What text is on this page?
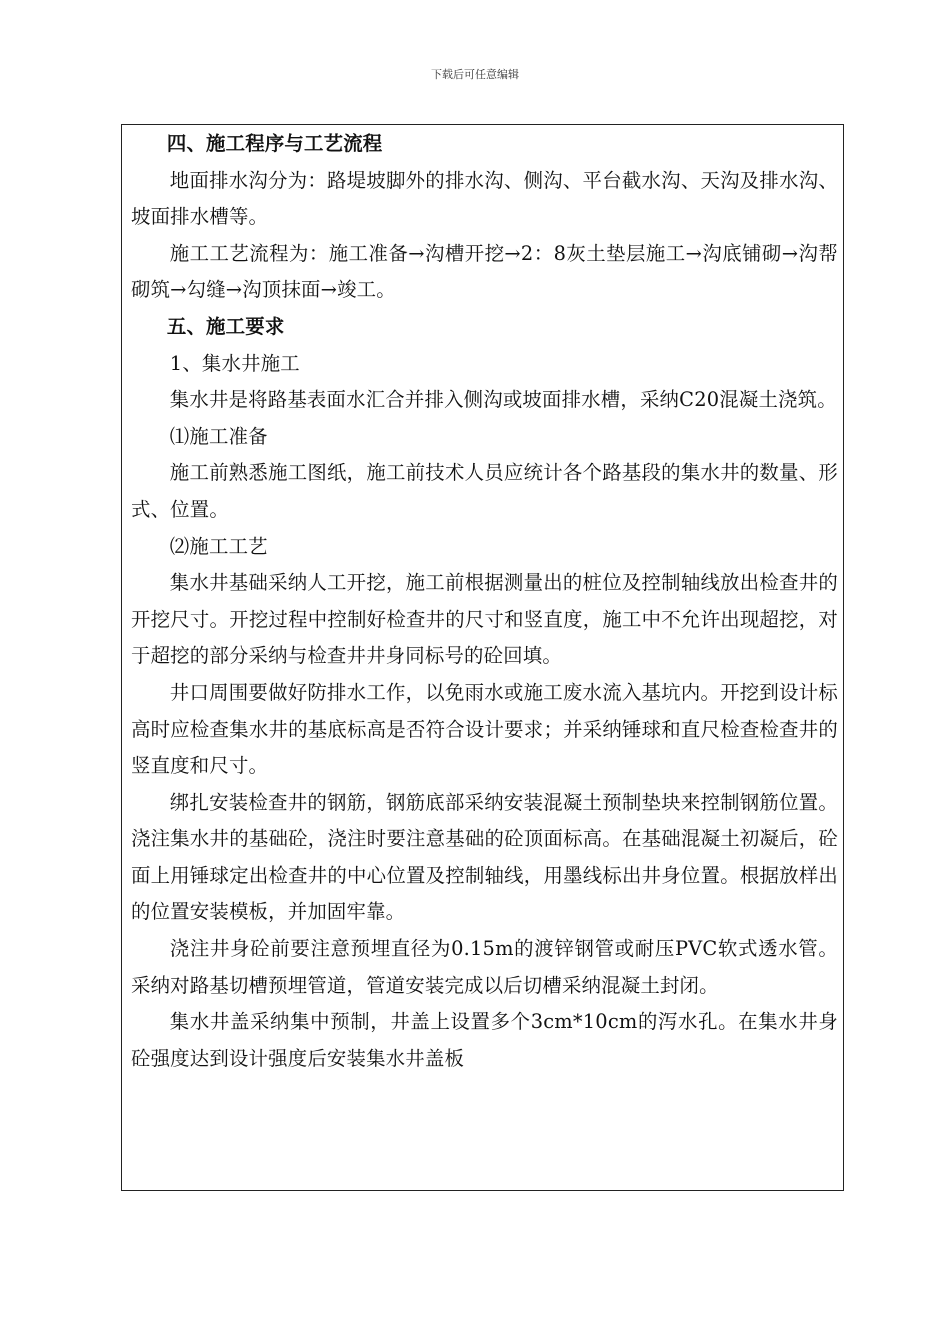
下载后可任意编辑

四、施工程序与工艺流程

地面排水沟分为：路堤坡脚外的排水沟、侧沟、平台截水沟、天沟及排水沟、坡面排水槽等。

施工工艺流程为：施工准备→沟槽开挖→2：8灰土垫层施工→沟底铺砌→沟帮砌筑→勾缝→沟顶抹面→竣工。

五、施工要求

1、集水井施工

集水井是将路基表面水汇合并排入侧沟或坡面排水槽，采纳C20混凝土浇筑。

⑴施工准备

施工前熟悉施工图纸，施工前技术人员应统计各个路基段的集水井的数量、形式、位置。

⑵施工工艺

集水井基础采纳人工开挖，施工前根据测量出的桩位及控制轴线放出检查井的开挖尺寸。开挖过程中控制好检查井的尺寸和竖直度，施工中不允许出现超挖，对于超挖的部分采纳与检查井井身同标号的砼回填。

井口周围要做好防排水工作，以免雨水或施工废水流入基坑内。开挖到设计标高时应检查集水井的基底标高是否符合设计要求；并采纳锤球和直尺检查检查井的竖直度和尺寸。

绑扎安装检查井的钢筋，钢筋底部采纳安装混凝土预制垫块来控制钢筋位置。浇注集水井的基础砼，浇注时要注意基础的砼顶面标高。在基础混凝土初凝后，砼面上用锤球定出检查井的中心位置及控制轴线，用墨线标出井身位置。根据放样出的位置安装模板，并加固牢靠。

浇注井身砼前要注意预埋直径为0.15m的渡锌钢管或耐压PVC软式透水管。采纳对路基切槽预埋管道，管道安装完成以后切槽采纳混凝土封闭。

集水井盖采纳集中预制，井盖上设置多个3cm*10cm的泻水孔。在集水井身砼强度达到设计强度后安装集水井盖板
